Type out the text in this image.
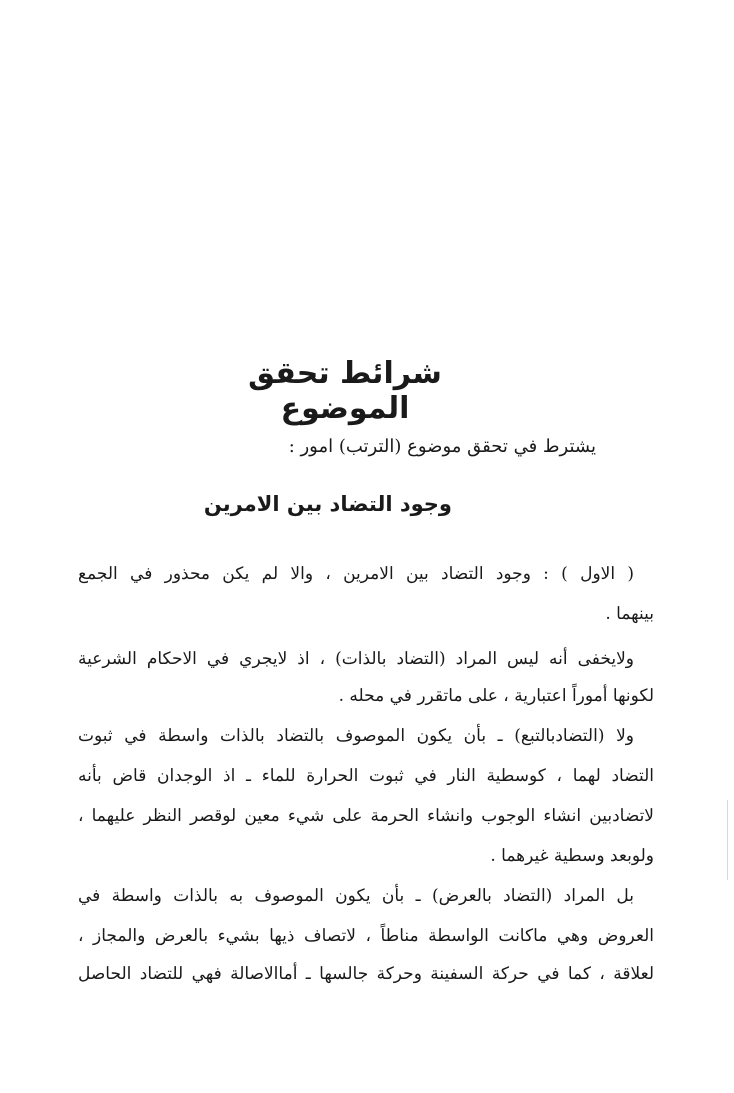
شرائط تحقق الموضوع
يشترط في تحقق موضوع (الترتب) امور :
وجود التضاد بين الامرين
( الاول ) : وجود التضاد بين الامرين ، والا لم يكن محذور في الجمع
بينهما .
ولايخفى أنه ليس المراد (التضاد بالذات) ، اذ لايجري في الاحكام الشرعية
لكونها أموراً اعتبارية ، على ماتقرر في محله .
ولا (التضادبالتبع) ـ بأن يكون الموصوف بالتضاد بالذات واسطة في ثبوت
التضاد لهما ، كوسطية النار في ثبوت الحرارة للماء ـ اذ الوجدان قاض بأنه
لاتضادبين انشاء الوجوب وانشاء الحرمة على شيء معين لوقصر النظر عليهما ،
ولوبعد وسطية غيرهما .
بل المراد (التضاد بالعرض) ـ بأن يكون الموصوف به بالذات واسطة في
العروض وهي ماكانت الواسطة مناطاً ، لاتصاف ذيها بشيء بالعرض والمجاز ،
لعلاقة ، كما في حركة السفينة وحركة جالسها ـ أماالاصالة فهي للتضاد الحاصل
